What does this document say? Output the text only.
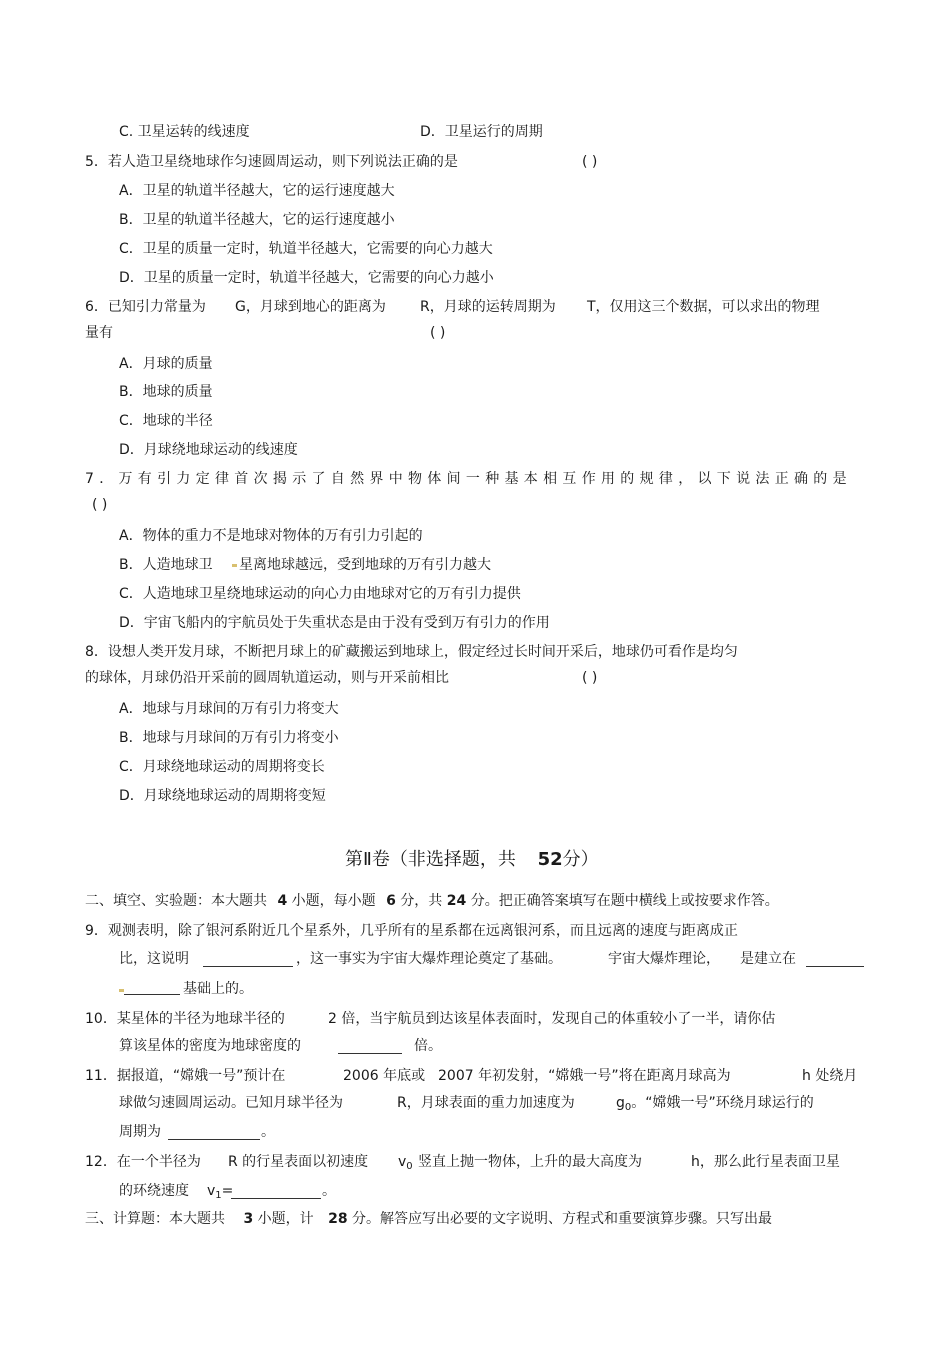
C. 卫星运转的线速度	D．卫星运行的周期
5．若人造卫星绕地球作匀速圆周运动，则下列说法正确的是	( )
A．卫星的轨道半径越大，它的运行速度越大
B．卫星的轨道半径越大，它的运行速度越小
C．卫星的质量一定时，轨道半径越大，它需要的向心力越大
D．卫星的质量一定时，轨道半径越大，它需要的向心力越小
6．已知引力常量为 G，月球到地心的距离为 R，月球的运转周期为 T，仅用这三个数据，可以求出的物理
量有	( )
A．月球的质量
B．地球的质量
C．地球的半径
D．月球绕地球运动的线速度
7．万有引力定律首次揭示了自然界中物体间一种基本相互作用的规律，以下说法正确的是
( )
A．物体的重力不是地球对物体的万有引力引起的
B．人造地球卫 星离地球越远，受到地球的万有引力越大
C．人造地球卫星绕地球运动的向心力由地球对它的万有引力提供
D．宇宙飞船内的宇航员处于失重状态是由于没有受到万有引力的作用
8．设想人类开发月球，不断把月球上的矿藏搬运到地球上，假定经过长时间开采后，地球仍可看作是均匀
的球体，月球仍沿开采前的圆周轨道运动，则与开采前相比	( )
A．地球与月球间的万有引力将变大
B．地球与月球间的万有引力将变小
C．月球绕地球运动的周期将变长
D．月球绕地球运动的周期将变短
第Ⅱ卷（非选择题，共 52分）
二、填空、实验题：本大题共 4 小题，每小题 6 分，共 24 分。把正确答案填写在题中横线上或按要求作答。
9．观测表明，除了银河系附近几个星系外，几乎所有的星系都在远离银河系，而且远离的速度与距离成正
比，这说明	，这一事实为宇宙大爆炸理论奠定了基础。	宇宙大爆炸理论， 是建立在
基础上的。
10．某星体的半径为地球半径的	2 倍，当宇航员到达该星体表面时，发现自己的体重较小了一半，请你估
算该星体的密度为地球密度的	倍。
11．据报道，“嫦娥一号”预计在	2006 年底或 2007 年初发射，“嫦娥一号”将在距离月球高为	h 处绕月
球做匀速圆周运动。已知月球半径为	R，月球表面的重力加速度为	$g_0$。“嫦娥一号”环绕月球运行的
周期为	。
12．在一个半径为 R 的行星表面以初速度 $v_0$ 竖直上抛一物体，上升的最大高度为	h，那么此行星表面卫星
的环绕速度 $v_1=$	。
三、计算题：本大题共 3 小题，计 28 分。解答应写出必要的文字说明、方程式和重要演算步骤。只写出最
